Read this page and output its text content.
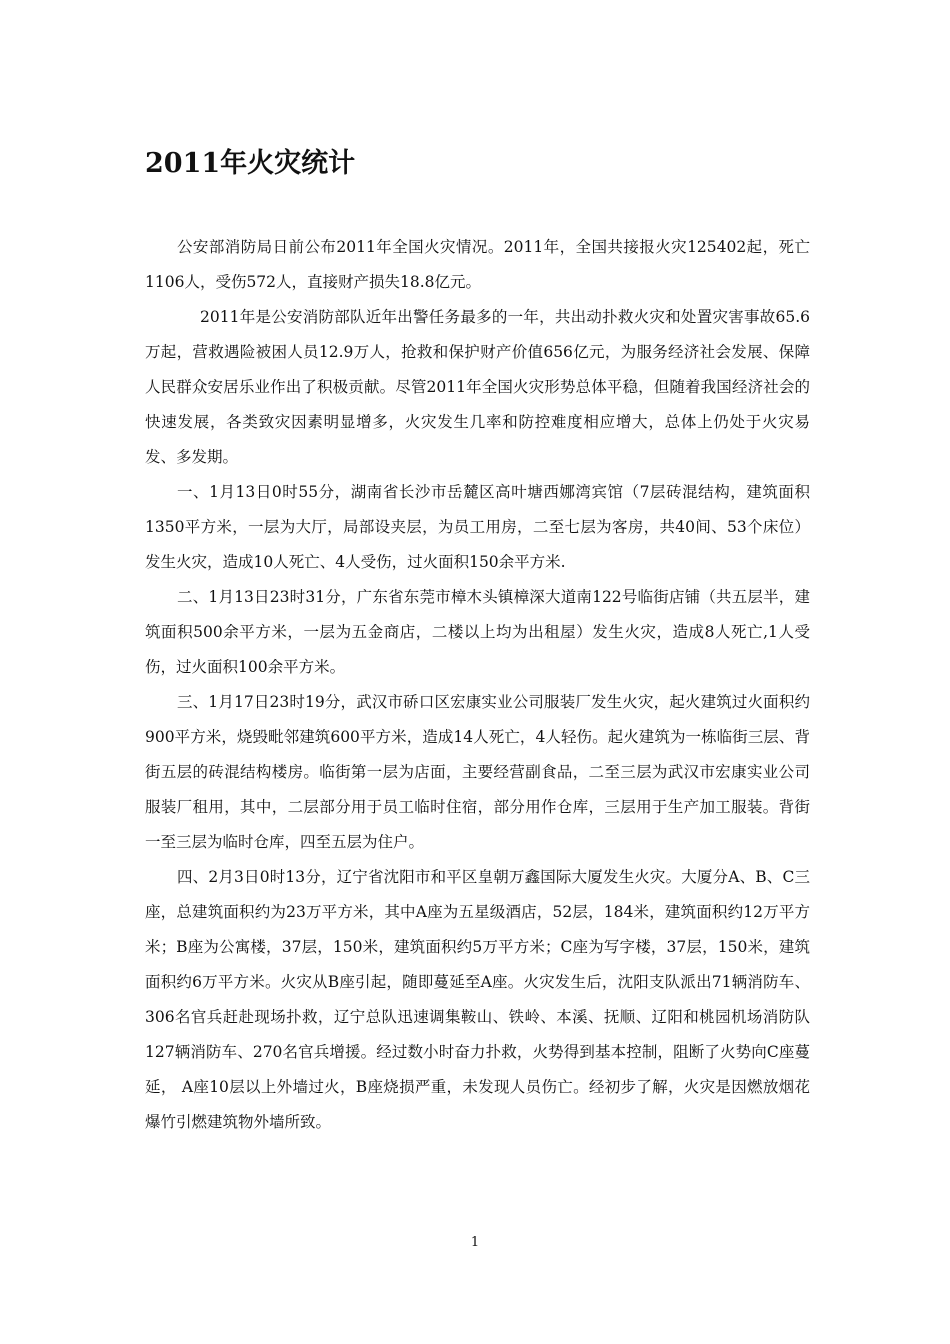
2011年火灾统计

公安部消防局日前公布2011年全国火灾情况。2011年，全国共接报火灾125402起，死亡1106人，受伤572人，直接财产损失18.8亿元。

2011年是公安消防部队近年出警任务最多的一年，共出动扑救火灾和处置灾害事故65.6万起，营救遇险被困人员12.9万人，抢救和保护财产价值656亿元，为服务经济社会发展、保障人民群众安居乐业作出了积极贡献。尽管2011年全国火灾形势总体平稳，但随着我国经济社会的快速发展，各类致灾因素明显增多，火灾发生几率和防控难度相应增大，总体上仍处于火灾易发、多发期。

一、1月13日0时55分，湖南省长沙市岳麓区高叶塘西娜湾宾馆（7层砖混结构，建筑面积1350平方米，一层为大厅，局部设夹层，为员工用房，二至七层为客房，共40间、53个床位）发生火灾，造成10人死亡、4人受伤，过火面积150余平方米.

二、1月13日23时31分，广东省东莞市樟木头镇樟深大道南122号临街店铺（共五层半，建筑面积500余平方米，一层为五金商店，二楼以上均为出租屋）发生火灾，造成8人死亡,1人受伤，过火面积100余平方米。

三、1月17日23时19分，武汉市硚口区宏康实业公司服装厂发生火灾，起火建筑过火面积约900平方米，烧毁毗邻建筑600平方米，造成14人死亡，4人轻伤。起火建筑为一栋临街三层、背街五层的砖混结构楼房。临街第一层为店面，主要经营副食品，二至三层为武汉市宏康实业公司服装厂租用，其中，二层部分用于员工临时住宿，部分用作仓库，三层用于生产加工服装。背街一至三层为临时仓库，四至五层为住户。

四、2月3日0时13分，辽宁省沈阳市和平区皇朝万鑫国际大厦发生火灾。大厦分A、B、C三座，总建筑面积约为23万平方米，其中A座为五星级酒店，52层，184米，建筑面积约12万平方米；B座为公寓楼，37层，150米，建筑面积约5万平方米；C座为写字楼，37层，150米，建筑面积约6万平方米。火灾从B座引起，随即蔓延至A座。火灾发生后，沈阳支队派出71辆消防车、306名官兵赶赴现场扑救，辽宁总队迅速调集鞍山、铁岭、本溪、抚顺、辽阳和桃园机场消防队127辆消防车、270名官兵增援。经过数小时奋力扑救，火势得到基本控制，阻断了火势向C座蔓延， A座10层以上外墙过火，B座烧损严重，未发现人员伤亡。经初步了解，火灾是因燃放烟花爆竹引燃建筑物外墙所致。

1
